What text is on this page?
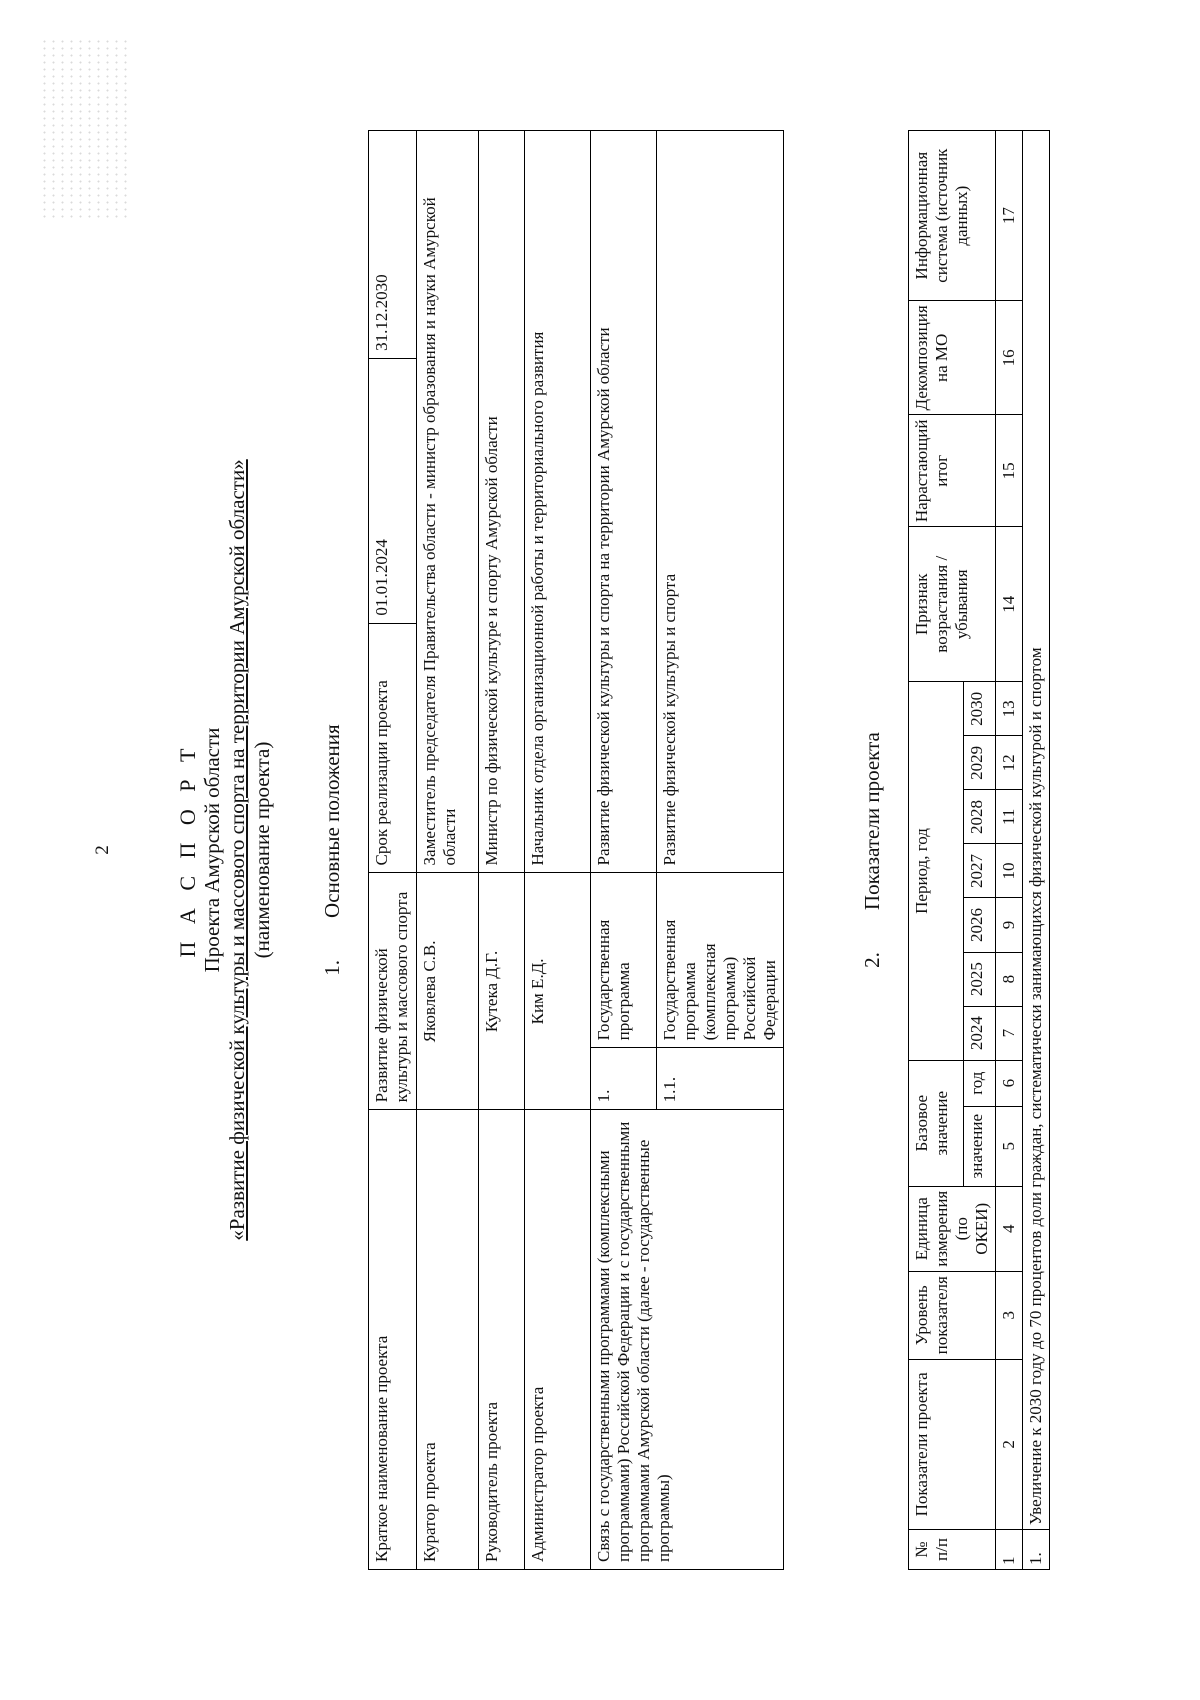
2	П А С П О Р Т Проекта Амурской области «Развитие физической культуры и массового спорта на территории Амурской области» (наименование проекта)
1.Основные положения
Краткое наименование проекта	Развитие физической культуры и массового спорта		Срок реализации проекта	01.01.2024	31.12.2030
Куратор проекта	Яковлева С.В.		Заместитель председателя Правительства области - министр образования и науки Амурской области		
Руководитель проекта	Кутека Д.Г.		Министр по физической культуре и спорту Амурской области		
Администратор проекта	Ким Е.Д.		Начальник отдела организационной работы и территориального развития		
Связь с государственными программами (комплексными программами) Российской Федерации и с государственными программами Амурской области (далее - государственные программы)	1.	Государственная программа	Развитие физической культуры и спорта на территории Амурской области		
	1.1.	Государственная программа (комплексная программа) Российской Федерации	Развитие физической культуры и спорта		
2.Показатели проекта
№ п/п	Показатели проекта	Уровень показателя	Единица измерения (по ОКЕИ)	Базовое значение		Период, год							Признак возрастания / убывания	Нарастающий итог	Декомпозиция на МО	Информационная система (источник данных)
				значение	год	2024	2025	2026	2027	2028	2029	2030				
1	2	3	4	5	6	7	8	9	10	11	12	13	14	15	16	17
1.	Увеличение к 2030 году до 70 процентов доли граждан, систематически занимающихся физической культурой и спортом															
